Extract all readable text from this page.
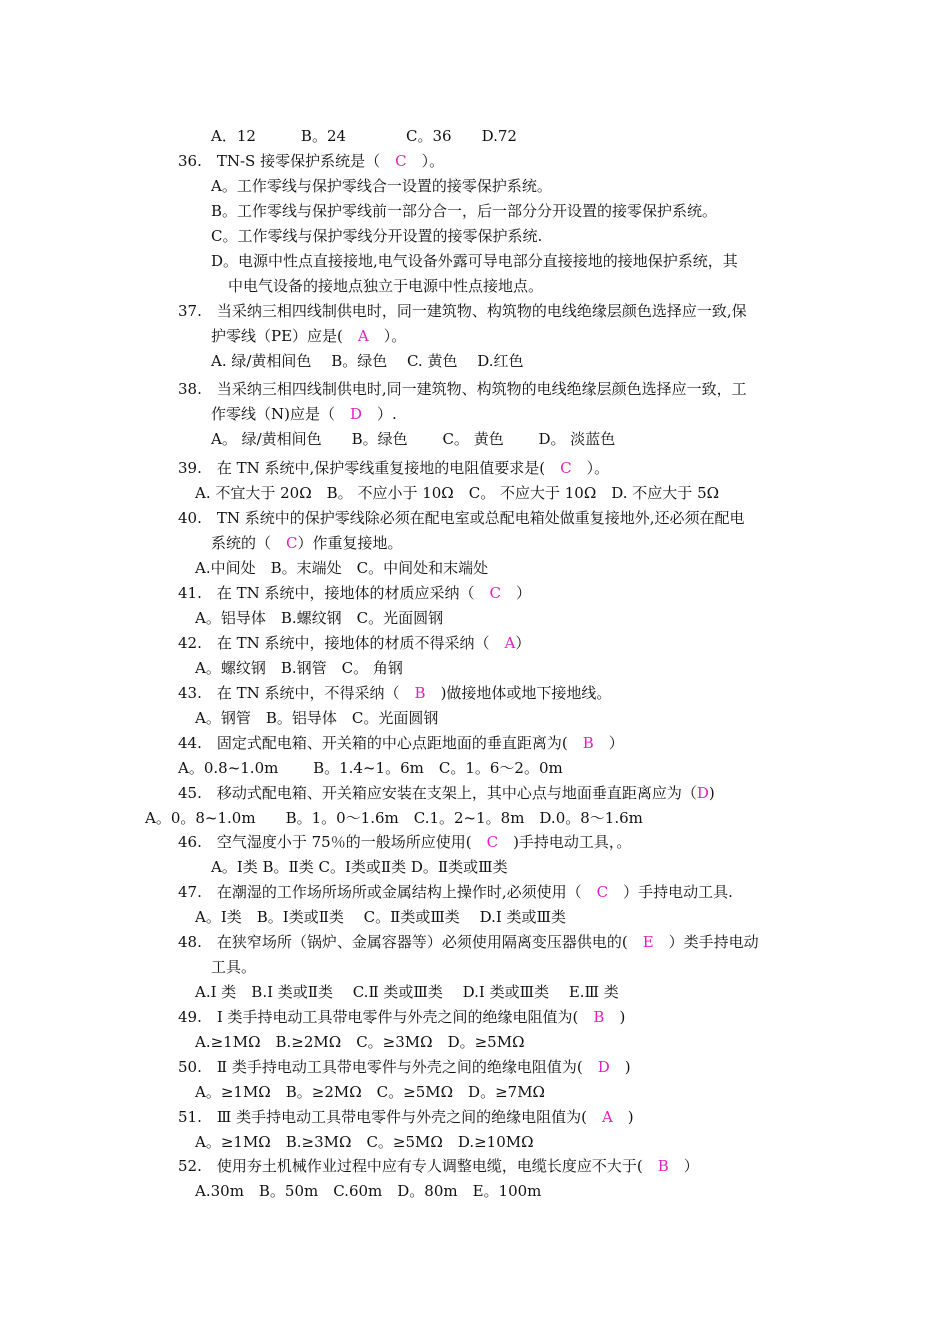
A．12　　　B。24　　　　C。36　　D.72
36.　TN-S 接零保护系统是（　C　）。
A。工作零线与保护零线合一设置的接零保护系统。
B。工作零线与保护零线前一部分合一，后一部分分开设置的接零保护系统。
C。工作零线与保护零线分开设置的接零保护系统.
D。电源中性点直接接地,电气设备外露可导电部分直接接地的接地保护系统，其
中电气设备的接地点独立于电源中性点接地点。
37.　当采纳三相四线制供电时，同一建筑物、构筑物的电线绝缘层颜色选择应一致,保
护零线（PE）应是(　A　）。
A. 绿/黄相间色　 B。绿色　 C. 黄色　 D.红色
38.　当采纳三相四线制供电时,同一建筑物、构筑物的电线绝缘层颜色选择应一致，工
作零线（N)应是（　D　）.
A。 绿/黄相间色　　B。绿色　　 C。 黄色　　 D。 淡蓝色
39.　在 TN 系统中,保护零线重复接地的电阻值要求是(　C　）。
A. 不宜大于 20Ω　B。 不应小于 10Ω　C。 不应大于 10Ω　D. 不应大于 5Ω
40.　TN 系统中的保护零线除必须在配电室或总配电箱处做重复接地外,还必须在配电
系统的（　C）作重复接地。
A.中间处　B。末端处　C。中间处和末端处
41.　在 TN 系统中，接地体的材质应采纳（　C　）
A。铝导体　B.螺纹钢　C。光面圆钢
42.　在 TN 系统中，接地体的材质不得采纳（　A）
A。螺纹钢　B.钢管　C。 角钢
43.　在 TN 系统中，不得采纳（　B　)做接地体或地下接地线。
A。钢管　B。铝导体　C。光面圆钢
44.　固定式配电箱、开关箱的中心点距地面的垂直距离为(　B　）
A。0.8~1.0m　　 B。1.4~1。6m　C。1。6～2。0m
45.　移动式配电箱、开关箱应安装在支架上，其中心点与地面垂直距离应为（D)
A。0。8~1.0m　　B。1。0～1.6m　C.1。2~1。8m　D.0。8～1.6m
46.　空气湿度小于 75％的一般场所应使用(　C　)手持电动工具，。
A。Ⅰ类 B。Ⅱ类 C。Ⅰ类或Ⅱ类 D。Ⅱ类或Ⅲ类
47.　在潮湿的工作场所场所或金属结构上操作时,必须使用（　C　）手持电动工具.
A。Ⅰ类　B。Ⅰ类或Ⅱ类　 C。Ⅱ类或Ⅲ类　 D.Ⅰ 类或Ⅲ类
48.　在狭窄场所（锅炉、金属容器等）必须使用隔离变压器供电的(　E　）类手持电动
工具。
A.Ⅰ 类　B.Ⅰ 类或Ⅱ类　 C.Ⅱ 类或Ⅲ类　 D.Ⅰ 类或Ⅲ类　 E.Ⅲ 类
49.　Ⅰ 类手持电动工具带电零件与外壳之间的绝缘电阻值为(　B　)
A.≥1MΩ　B.≥2MΩ　C。≥3MΩ　D。≥5MΩ
50.　Ⅱ 类手持电动工具带电零件与外壳之间的绝缘电阻值为(　D　)
A。≥1MΩ　B。≥2MΩ　C。≥5MΩ　D。≥7MΩ
51.　Ⅲ 类手持电动工具带电零件与外壳之间的绝缘电阻值为(　A　)
A。≥1MΩ　B.≥3MΩ　C。≥5MΩ　D.≥10MΩ
52.　使用夯土机械作业过程中应有专人调整电缆，电缆长度应不大于(　B　）
A.30m　B。50m　C.60m　D。80m　E。100m
